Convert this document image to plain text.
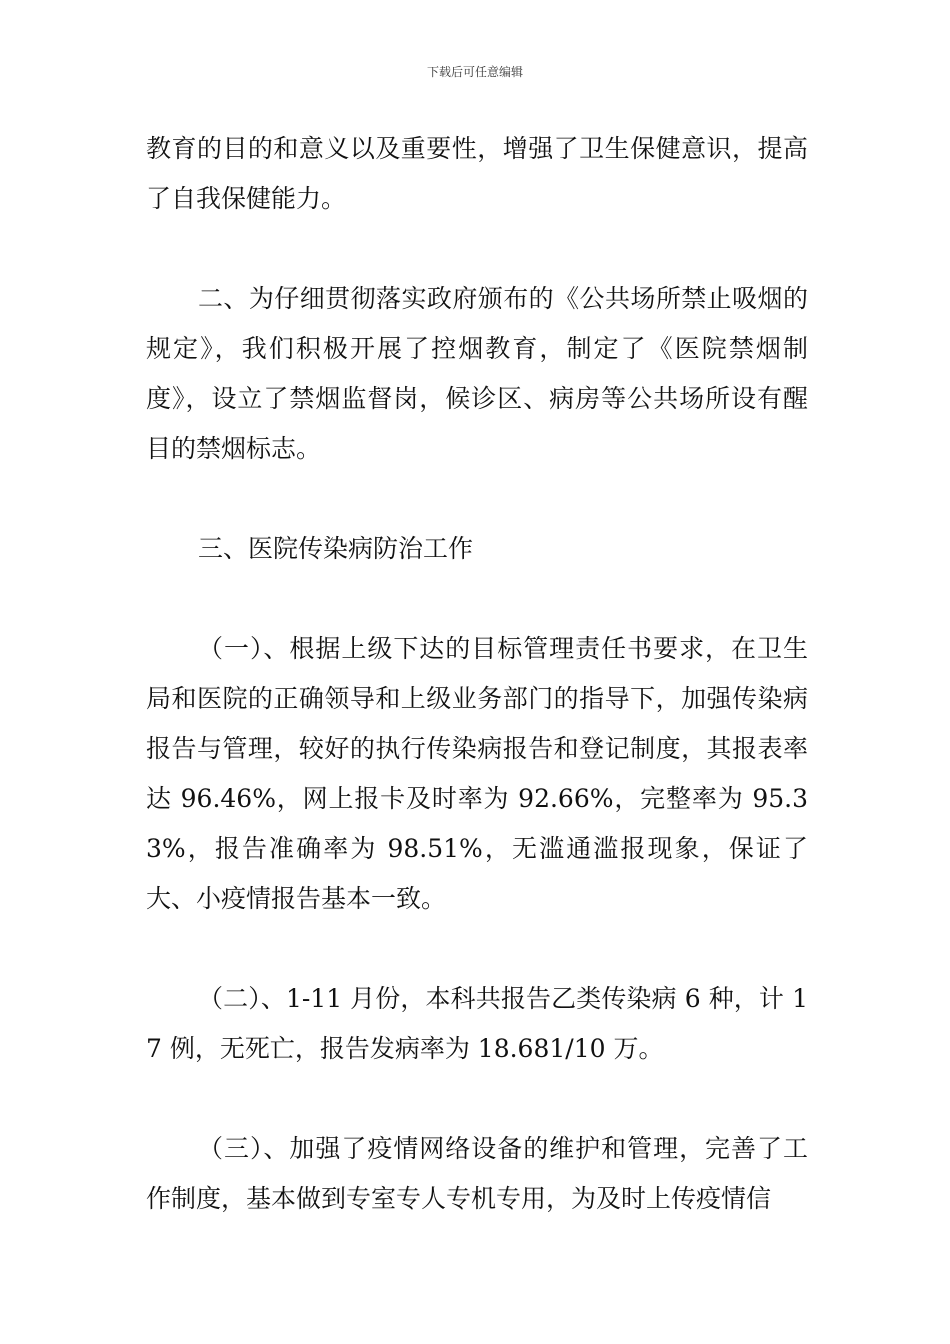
下载后可任意编辑

教育的目的和意义以及重要性，增强了卫生保健意识，提高了自我保健能力。

二、为仔细贯彻落实政府颁布的《公共场所禁止吸烟的规定》，我们积极开展了控烟教育，制定了《医院禁烟制度》，设立了禁烟监督岗，候诊区、病房等公共场所设有醒目的禁烟标志。

三、医院传染病防治工作

（一）、根据上级下达的目标管理责任书要求，在卫生局和医院的正确领导和上级业务部门的指导下，加强传染病报告与管理，较好的执行传染病报告和登记制度，其报表率达 96.46%，网上报卡及时率为 92.66%，完整率为 95.33%，报告准确率为 98.51%，无滥通滥报现象，保证了大、小疫情报告基本一致。

（二）、1-11 月份，本科共报告乙类传染病 6 种，计 17 例，无死亡，报告发病率为 18.681/10 万。

（三）、加强了疫情网络设备的维护和管理，完善了工作制度，基本做到专室专人专机专用，为及时上传疫情信
